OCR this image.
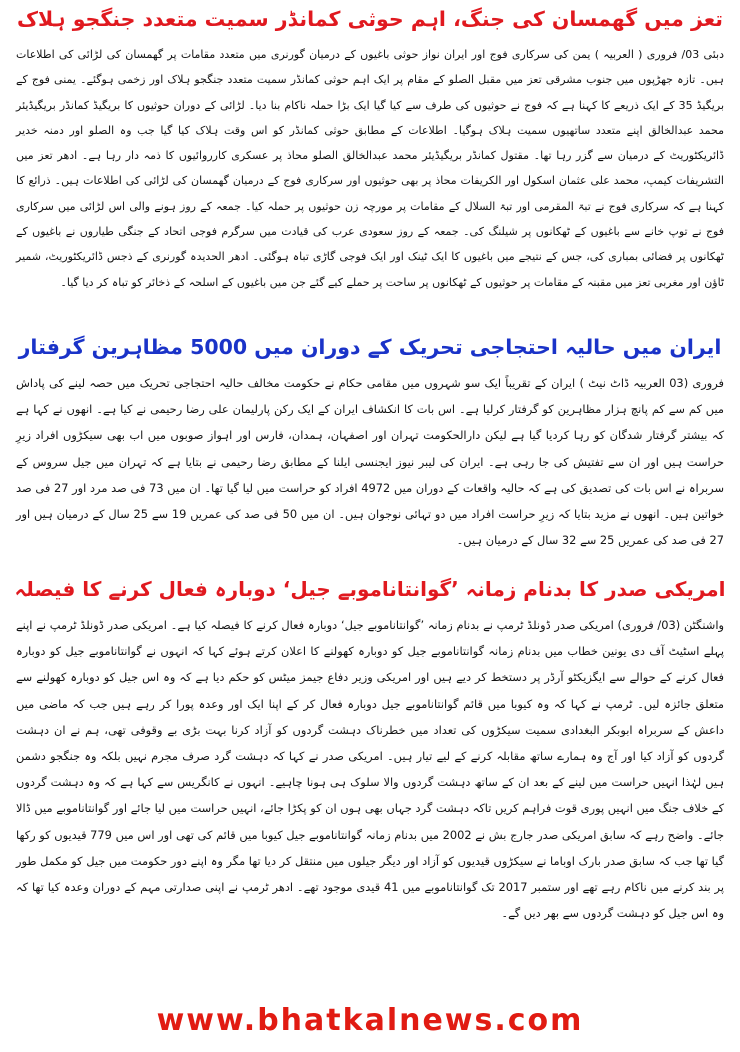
تعز میں گھمسان کی جنگ، اہم حوثی کمانڈر سمیت متعدد جنگجو ہلاک

دبئی 03/ فروری ( العربیہ ) یمن کی سرکاری فوج اور ایران نواز حوثی باغیوں کے درمیان گورنری میں متعدد مقامات پر گھمسان کی لڑائی کی اطلاعات ہیں۔ تازہ جھڑپوں میں جنوب مشرقی تعز میں مقبل الصلو کے مقام پر ایک اہم حوثی کمانڈر سمیت متعدد جنگجو ہلاک اور زخمی ہوگئے۔ یمنی فوج کے بریگیڈ 35 کے ایک ذریعے کا کہنا ہے کہ فوج نے حوثیوں کی طرف سے کیا گیا ایک بڑا حملہ ناکام بنا دیا۔ لڑائی کے دوران حوثیوں کا بریگیڈ کمانڈر بریگیڈیئر محمد عبدالخالق اپنے متعدد ساتھیوں سمیت ہلاک ہوگیا۔ اطلاعات کے مطابق حوثی کمانڈر کو اس وقت ہلاک کیا گیا جب وہ الصلو اور دمنہ خدیر ڈائریکٹوریٹ کے درمیان سے گزر رہا تھا۔ مقتول کمانڈر بریگیڈیئر محمد عبدالخالق الصلو محاذ پر عسکری کارروائیوں کا ذمہ دار رہا ہے۔ ادھر تعز میں التشریفات کیمپ، محمد علی عثمان اسکول اور الکریفات محاذ پر بھی حوثیوں اور سرکاری فوج کے درمیان گھمسان کی لڑائی کی اطلاعات ہیں۔ ذرائع کا کہنا ہے کہ سرکاری فوج نے تبۃ المقرمی اور تبۃ السلال کے مقامات پر مورچہ زن حوثیوں پر حملہ کیا۔ جمعہ کے روز ہونے والی اس لڑائی میں سرکاری فوج نے توپ خانے سے باغیوں کے ٹھکانوں پر شیلنگ کی۔ جمعہ کے روز سعودی عرب کی قیادت میں سرگرم فوجی اتحاد کے جنگی طیاروں نے باغیوں کے ٹھکانوں پر فضائی بمباری کی، جس کے نتیجے میں باغیوں کا ایک ٹینک اور ایک فوجی گاڑی تباہ ہوگئی۔ ادھر الحدیدہ گورنری کے ذجس ڈائریکٹوریٹ، شمیر ٹاؤن اور مغربی تعز میں مقبنہ کے مقامات پر حوثیوں کے ٹھکانوں پر ساحت پر حملے کیے گئے جن میں باغیوں کے اسلحہ کے ذخائر کو تباہ کر دیا گیا۔

ایران میں حالیہ احتجاجی تحریک کے دوران میں 5000 مظاہرین گرفتار

فروری (03 العربیہ ڈاٹ نیٹ ) ایران کے تقریباً ایک سو شہروں میں مقامی حکام نے حکومت مخالف حالیہ احتجاجی تحریک میں حصہ لینے کی پاداش میں کم سے کم پانچ ہزار مظاہرین کو گرفتار کرلیا ہے۔ اس بات کا انکشاف ایران کے ایک رکن پارلیمان علی رضا رحیمی نے کیا ہے۔ انھوں نے کہا ہے کہ بیشتر گرفتار شدگان کو رہا کردیا گیا ہے لیکن دارالحکومت تہران اور اصفہان، ہمدان، فارس اور اہواز صوبوں میں اب بھی سیکڑوں افراد زیرِ حراست ہیں اور ان سے تفتیش کی جا رہی ہے۔ ایران کی لیبر نیوز ایجنسی ایلنا کے مطابق رضا رحیمی نے بتایا ہے کہ تہران میں جیل سروس کے سربراہ نے اس بات کی تصدیق کی ہے کہ حالیہ واقعات کے دوران میں 4972 افراد کو حراست میں لیا گیا تھا۔ ان میں 73 فی صد مرد اور 27 فی صد خواتین ہیں۔ انھوں نے مزید بتایا کہ زیرِ حراست افراد میں دو تہائی نوجوان ہیں۔ ان میں 50 فی صد کی عمریں 19 سے 25 سال کے درمیان ہیں اور 27 فی صد کی عمریں 25 سے 32 سال کے درمیان ہیں۔

امریکی صدر کا بدنام زمانہ ’گوانتاناموبے جیل‘ دوبارہ فعال کرنے کا فیصلہ

واشنگٹن (03/ فروری) امریکی صدر ڈونلڈ ٹرمپ نے بدنام زمانہ ’گوانتاناموبے جیل‘ دوبارہ فعال کرنے کا فیصلہ کیا ہے۔ امریکی صدر ڈونلڈ ٹرمپ نے اپنے پہلے اسٹیٹ آف دی یونین خطاب میں بدنام زمانہ گوانتاناموبے جیل کو دوبارہ کھولنے کا اعلان کرتے ہوئے کہا کہ انہوں نے گوانتاناموبے جیل کو دوبارہ فعال کرنے کے حوالے سے ایگزیکٹو آرڈر پر دستخط کر دیے ہیں اور امریکی وزیر دفاع جیمز میٹس کو حکم دیا ہے کہ وہ اس جیل کو دوبارہ کھولنے سے متعلق جائزہ لیں۔ ٹرمپ نے کہا کہ وہ کیوبا میں قائم گوانتاناموبے جیل دوبارہ فعال کر کے اپنا ایک اور وعدہ پورا کر رہے ہیں جب کہ ماضی میں داعش کے سربراہ ابوبکر البغدادی سمیت سیکڑوں کی تعداد میں خطرناک دہشت گردوں کو آزاد کرنا بہت بڑی بے وقوفی تھی، ہم نے ان دہشت گردوں کو آزاد کیا اور آج وہ ہمارے ساتھ مقابلہ کرنے کے لیے تیار ہیں۔ امریکی صدر نے کہا کہ دہشت گرد صرف مجرم نہیں بلکہ وہ جنگجو دشمن ہیں لہٰذا انہیں حراست میں لینے کے بعد ان کے ساتھ دہشت گردوں والا سلوک ہی ہونا چاہیے۔ انہوں نے کانگریس سے کہا ہے کہ وہ دہشت گردوں کے خلاف جنگ میں انہیں پوری قوت فراہم کریں تاکہ دہشت گرد جہاں بھی ہوں ان کو پکڑا جائے، انہیں حراست میں لیا جائے اور گوانتاناموبے میں ڈالا جائے۔ واضح رہے کہ سابق امریکی صدر جارج بش نے 2002 میں بدنام زمانہ گوانتاناموبے جیل کیوبا میں قائم کی تھی اور اس میں 779 قیدیوں کو رکھا گیا تھا جب کہ سابق صدر بارک اوباما نے سیکڑوں قیدیوں کو آزاد اور دیگر جیلوں میں منتقل کر دیا تھا مگر وہ اپنے دور حکومت میں جیل کو مکمل طور پر بند کرنے میں ناکام رہے تھے اور ستمبر 2017 تک گوانتاناموبے میں 41 قیدی موجود تھے۔ ادھر ٹرمپ نے اپنی صدارتی مہم کے دوران وعدہ کیا تھا کہ وہ اس جیل کو دہشت گردوں سے بھر دیں گے۔

www.bhatkalnews.com
